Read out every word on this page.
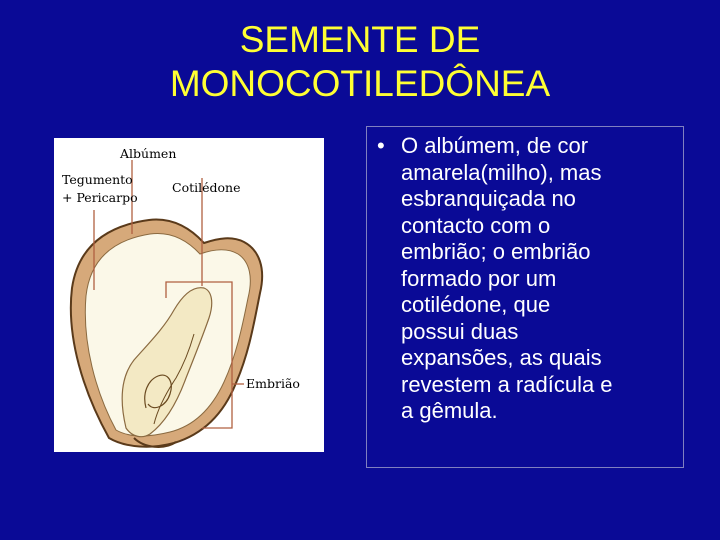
SEMENTE DE
MONOCOTILEDÔNEA
Albúmen
Tegumento
+ Pericarpo
Cotilédone
Embrião
• O albúmem, de cor
amarela(milho), mas
esbranquiçada no
contacto com o
embrião; o embrião
formado por um
cotilédone, que
possui duas
expansões, as quais
revestem a radícula e
a gêmula.
